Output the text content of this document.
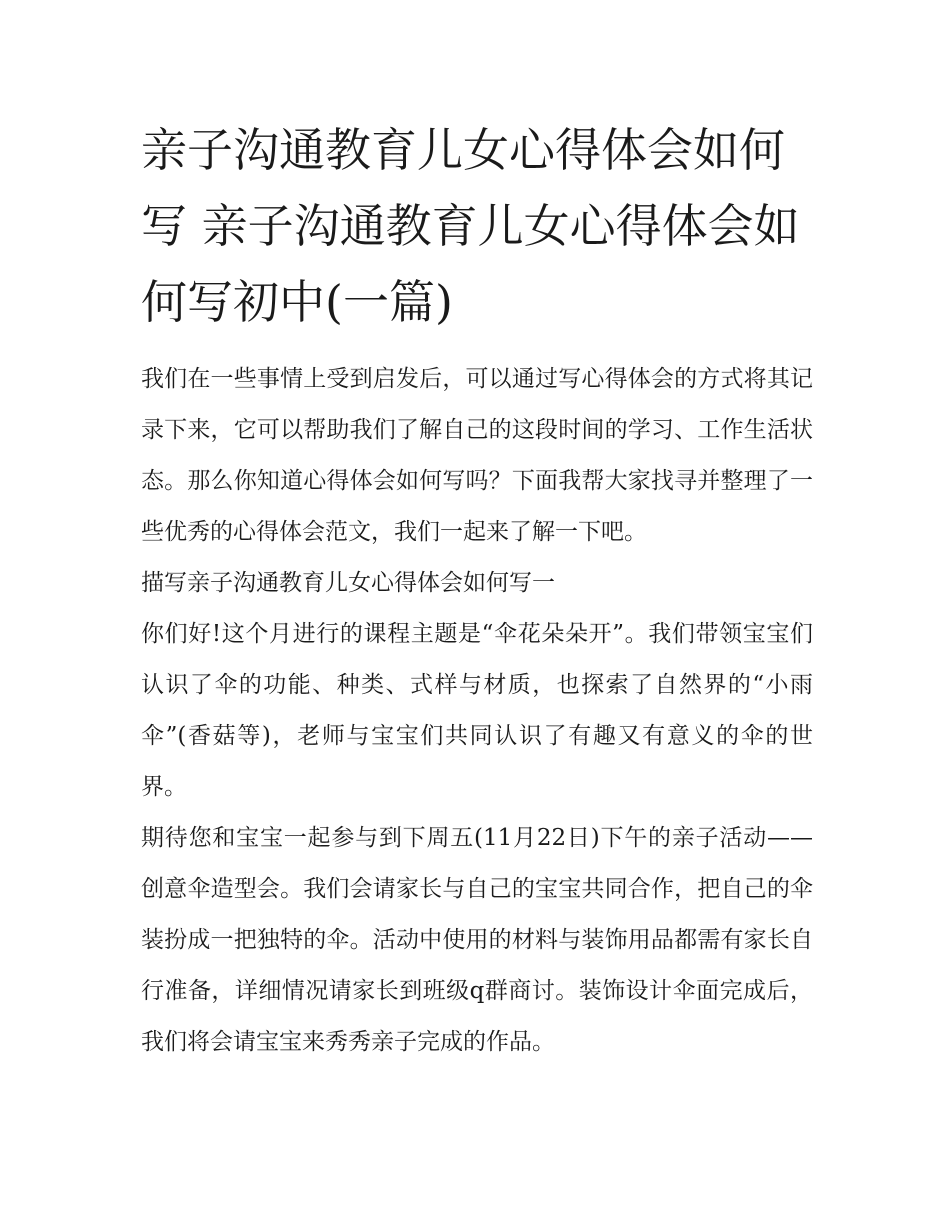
亲子沟通教育儿女心得体会如何写 亲子沟通教育儿女心得体会如何写初中(一篇)

我们在一些事情上受到启发后，可以通过写心得体会的方式将其记录下来，它可以帮助我们了解自己的这段时间的学习、工作生活状态。那么你知道心得体会如何写吗？下面我帮大家找寻并整理了一些优秀的心得体会范文，我们一起来了解一下吧。

描写亲子沟通教育儿女心得体会如何写一

你们好!这个月进行的课程主题是“伞花朵朵开”。我们带领宝宝们认识了伞的功能、种类、式样与材质，也探索了自然界的“小雨伞”(香菇等)，老师与宝宝们共同认识了有趣又有意义的伞的世界。

期待您和宝宝一起参与到下周五(11月22日)下午的亲子活动——创意伞造型会。我们会请家长与自己的宝宝共同合作，把自己的伞装扮成一把独特的伞。活动中使用的材料与装饰用品都需有家长自行准备，详细情况请家长到班级q群商讨。装饰设计伞面完成后，我们将会请宝宝来秀秀亲子完成的作品。
